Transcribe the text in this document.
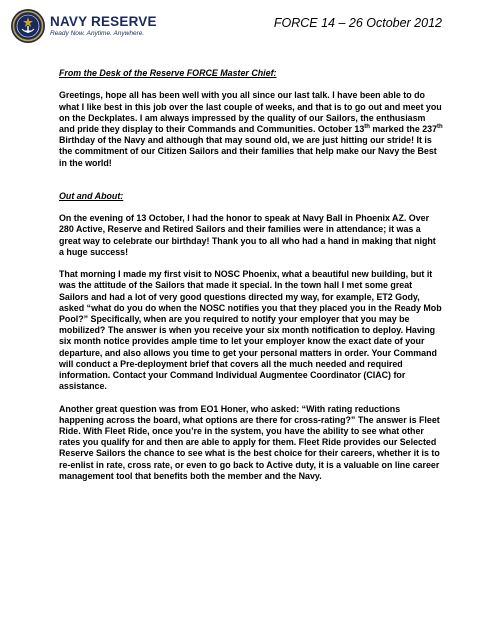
NAVY RESERVE
Ready Now. Anytime. Anywhere.
FORCE 14 – 26 October 2012

From the Desk of the Reserve FORCE Master Chief:

Greetings, hope all has been well with you all since our last talk. I have been able to do what I like best in this job over the last couple of weeks, and that is to go out and meet you on the Deckplates. I am always impressed by the quality of our Sailors, the enthusiasm and pride they display to their Commands and Communities. October 13th marked the 237th Birthday of the Navy and although that may sound old, we are just hitting our stride! It is the commitment of our Citizen Sailors and their families that help make our Navy the Best in the world!

Out and About:

On the evening of 13 October, I had the honor to speak at Navy Ball in Phoenix AZ. Over 280 Active, Reserve and Retired Sailors and their families were in attendance; it was a great way to celebrate our birthday! Thank you to all who had a hand in making that night a huge success!

That morning I made my first visit to NOSC Phoenix, what a beautiful new building, but it was the attitude of the Sailors that made it special. In the town hall I met some great Sailors and had a lot of very good questions directed my way, for example, ET2 Gody, asked “what do you do when the NOSC notifies you that they placed you in the Ready Mob Pool?” Specifically, when are you required to notify your employer that you may be mobilized? The answer is when you receive your six month notification to deploy. Having six month notice provides ample time to let your employer know the exact date of your departure, and also allows you time to get your personal matters in order. Your Command will conduct a Pre-deployment brief that covers all the much needed and required information. Contact your Command Individual Augmentee Coordinator (CIAC) for assistance.

Another great question was from EO1 Honer, who asked: “With rating reductions happening across the board, what options are there for cross-rating?” The answer is Fleet Ride. With Fleet Ride, once you’re in the system, you have the ability to see what other rates you qualify for and then are able to apply for them. Fleet Ride provides our Selected Reserve Sailors the chance to see what is the best choice for their careers, whether it is to re-enlist in rate, cross rate, or even to go back to Active duty, it is a valuable on line career management tool that benefits both the member and the Navy.
